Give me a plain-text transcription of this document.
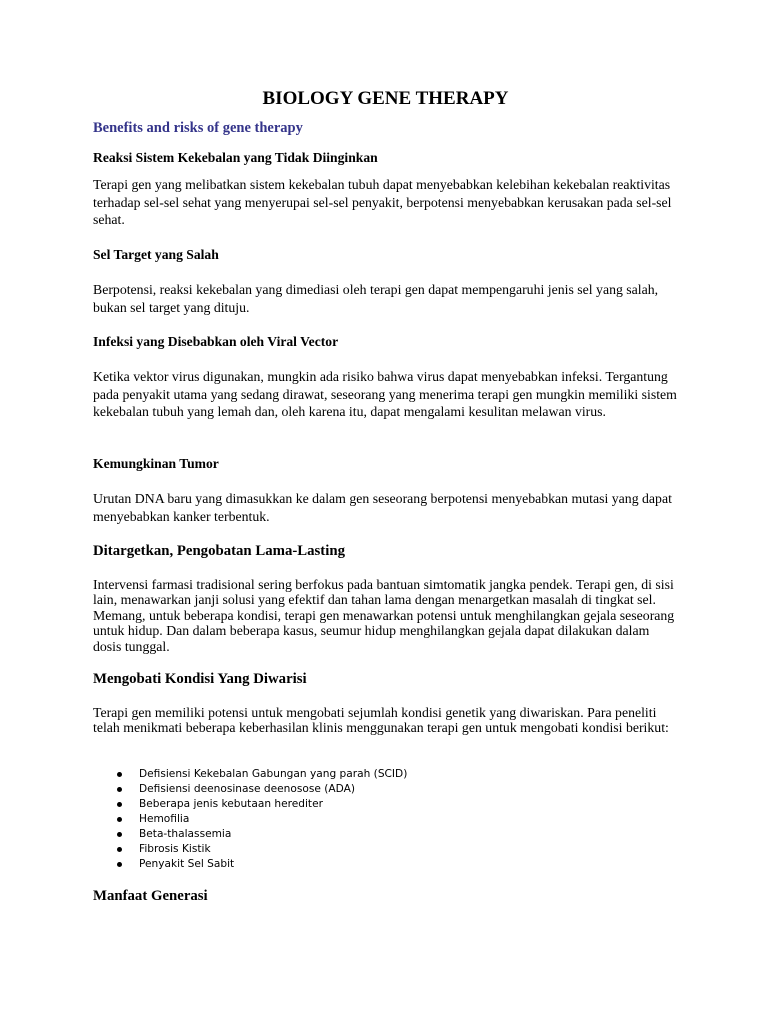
BIOLOGY GENE THERAPY
Benefits and risks of gene therapy
Reaksi Sistem Kekebalan yang Tidak Diinginkan

Terapi gen yang melibatkan sistem kekebalan tubuh dapat menyebabkan kelebihan kekebalan reaktivitas terhadap sel-sel sehat yang menyerupai sel-sel penyakit, berpotensi menyebabkan kerusakan pada sel-sel sehat.

Sel Target yang Salah

Berpotensi, reaksi kekebalan yang dimediasi oleh terapi gen dapat mempengaruhi jenis sel yang salah, bukan sel target yang dituju.

Infeksi yang Disebabkan oleh Viral Vector

Ketika vektor virus digunakan, mungkin ada risiko bahwa virus dapat menyebabkan infeksi. Tergantung pada penyakit utama yang sedang dirawat, seseorang yang menerima terapi gen mungkin memiliki sistem kekebalan tubuh yang lemah dan, oleh karena itu, dapat mengalami kesulitan melawan virus.

Kemungkinan Tumor

Urutan DNA baru yang dimasukkan ke dalam gen seseorang berpotensi menyebabkan mutasi yang dapat menyebabkan kanker terbentuk.

Ditargetkan, Pengobatan Lama-Lasting

Intervensi farmasi tradisional sering berfokus pada bantuan simtomatik jangka pendek. Terapi gen, di sisi lain, menawarkan janji solusi yang efektif dan tahan lama dengan menargetkan masalah di tingkat sel. Memang, untuk beberapa kondisi, terapi gen menawarkan potensi untuk menghilangkan gejala seseorang untuk hidup. Dan dalam beberapa kasus, seumur hidup menghilangkan gejala dapat dilakukan dalam dosis tunggal.

Mengobati Kondisi Yang Diwarisi

Terapi gen memiliki potensi untuk mengobati sejumlah kondisi genetik yang diwariskan. Para peneliti telah menikmati beberapa keberhasilan klinis menggunakan terapi gen untuk mengobati kondisi berikut:

Defisiensi Kekebalan Gabungan yang parah (SCID)
Defisiensi deenosinase deenosose (ADA)
Beberapa jenis kebutaan herediter
Hemofilia
Beta-thalassemia
Fibrosis Kistik
Penyakit Sel Sabit
Manfaat Generasi
